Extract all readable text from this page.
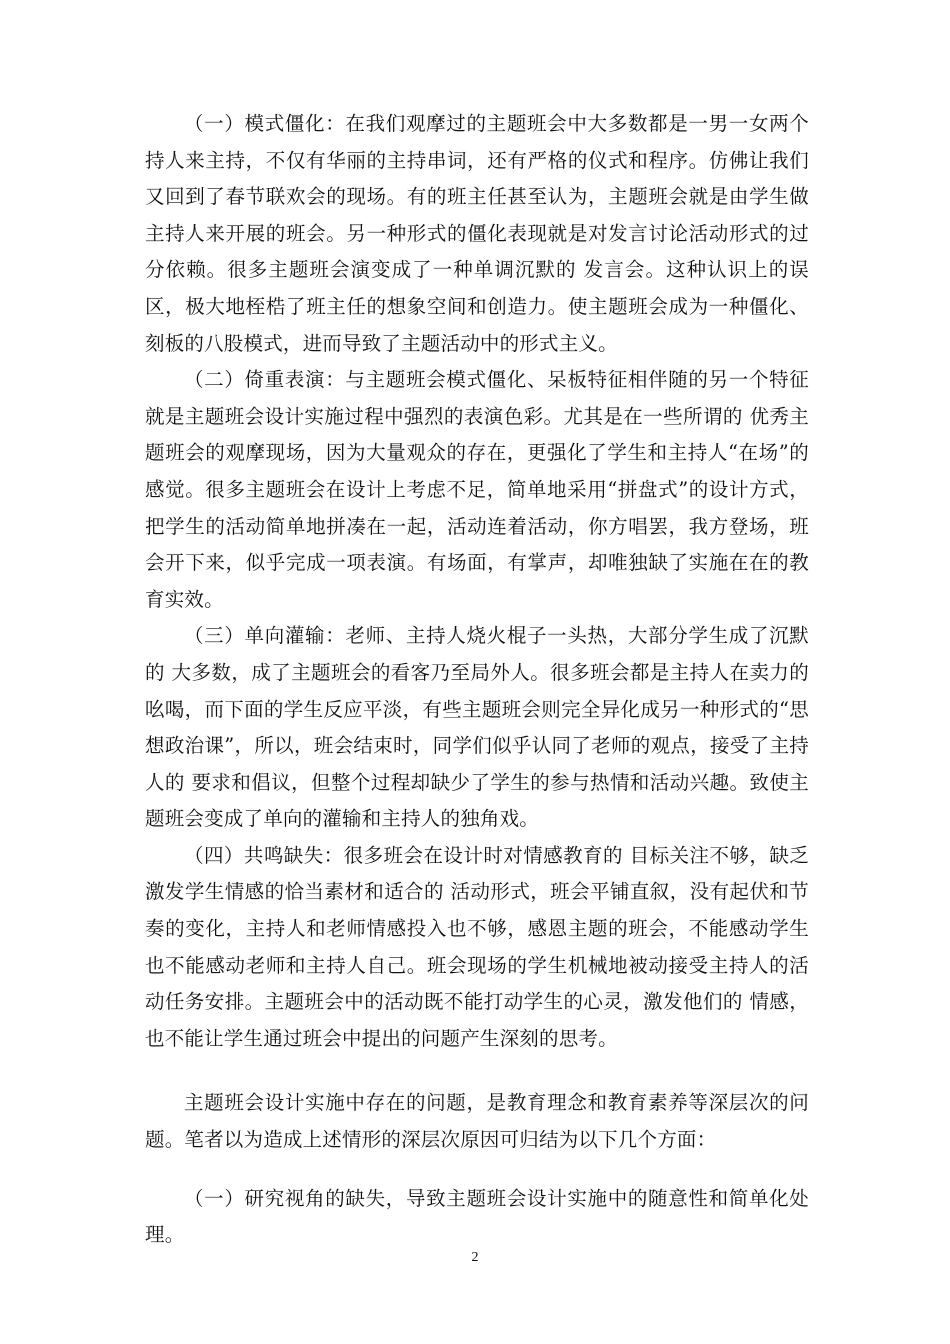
（一）模式僵化：在我们观摩过的主题班会中大多数都是一男一女两个持人来主持，不仅有华丽的主持串词，还有严格的仪式和程序。仿佛让我们又回到了春节联欢会的现场。有的班主任甚至认为，主题班会就是由学生做主持人来开展的班会。另一种形式的僵化表现就是对发言讨论活动形式的过分依赖。很多主题班会演变成了一种单调沉默的 发言会。这种认识上的误区，极大地桎梏了班主任的想象空间和创造力。使主题班会成为一种僵化、刻板的八股模式，进而导致了主题活动中的形式主义。

（二）倚重表演：与主题班会模式僵化、呆板特征相伴随的另一个特征就是主题班会设计实施过程中强烈的表演色彩。尤其是在一些所谓的 优秀主题班会的观摩现场，因为大量观众的存在，更强化了学生和主持人“在场”的感觉。很多主题班会在设计上考虑不足，简单地采用“拼盘式”的设计方式，把学生的活动简单地拼凑在一起，活动连着活动，你方唱罢，我方登场，班会开下来，似乎完成一项表演。有场面，有掌声，却唯独缺了实施在在的教育实效。

（三）单向灌输：老师、主持人烧火棍子一头热，大部分学生成了沉默的 大多数，成了主题班会的看客乃至局外人。很多班会都是主持人在卖力的吆喝，而下面的学生反应平淡，有些主题班会则完全异化成另一种形式的“思想政治课”，所以，班会结束时，同学们似乎认同了老师的观点，接受了主持人的 要求和倡议，但整个过程却缺少了学生的参与热情和活动兴趣。致使主题班会变成了单向的灌输和主持人的独角戏。

（四）共鸣缺失：很多班会在设计时对情感教育的 目标关注不够，缺乏激发学生情感的恰当素材和适合的 活动形式，班会平铺直叙，没有起伏和节奏的变化，主持人和老师情感投入也不够，感恩主题的班会，不能感动学生也不能感动老师和主持人自己。班会现场的学生机械地被动接受主持人的活动任务安排。主题班会中的活动既不能打动学生的心灵，激发他们的 情感，也不能让学生通过班会中提出的问题产生深刻的思考。

主题班会设计实施中存在的问题，是教育理念和教育素养等深层次的问题。笔者以为造成上述情形的深层次原因可归结为以下几个方面：

（一）研究视角的缺失，导致主题班会设计实施中的随意性和简单化处理。

2
